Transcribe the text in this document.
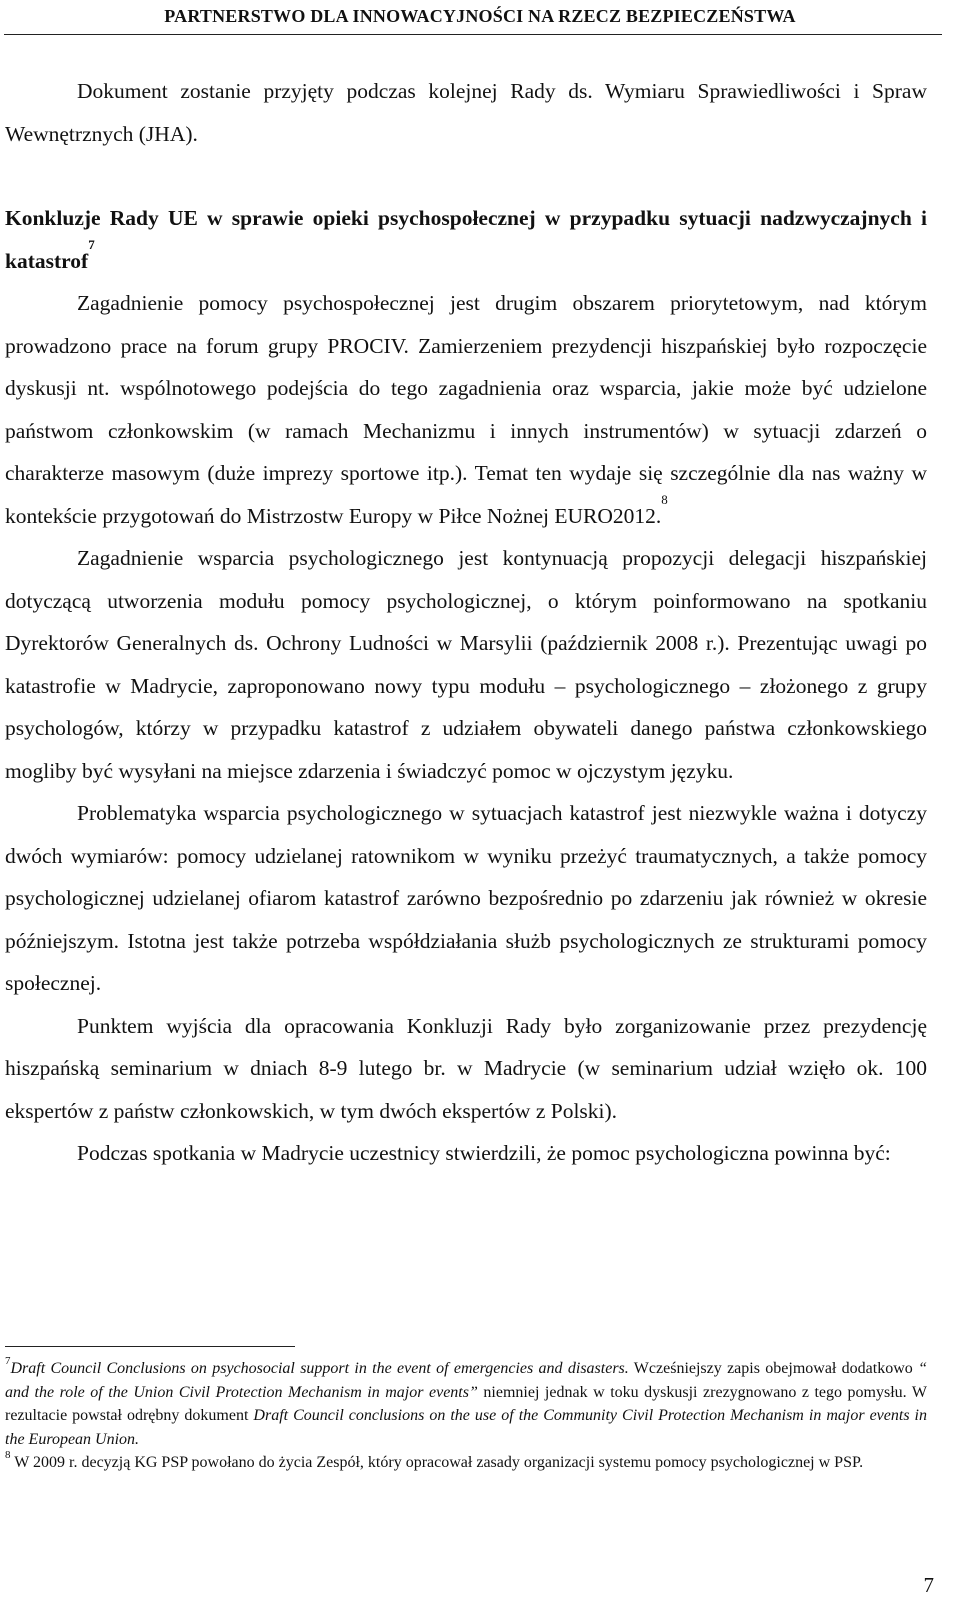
PARTNERSTWO DLA INNOWACYJNOŚCI NA RZECZ BEZPIECZEŃSTWA

Dokument zostanie przyjęty podczas kolejnej Rady ds. Wymiaru Sprawiedliwości i Spraw Wewnętrznych (JHA).

Konkluzje Rady UE w sprawie opieki psychospołecznej w przypadku sytuacji nadzwyczajnych i katastrof$^7$

Zagadnienie pomocy psychospołecznej jest drugim obszarem priorytetowym, nad którym prowadzono prace na forum grupy PROCIV. Zamierzeniem prezydencji hiszpańskiej było rozpoczęcie dyskusji nt. wspólnotowego podejścia do tego zagadnienia oraz wsparcia, jakie może być udzielone państwom członkowskim (w ramach Mechanizmu i innych instrumentów) w sytuacji zdarzeń o charakterze masowym (duże imprezy sportowe itp.). Temat ten wydaje się szczególnie dla nas ważny w kontekście przygotowań do Mistrzostw Europy w Piłce Nożnej EURO2012.$^8$

Zagadnienie wsparcia psychologicznego jest kontynuacją propozycji delegacji hiszpańskiej dotyczącą utworzenia modułu pomocy psychologicznej, o którym poinformowano na spotkaniu Dyrektorów Generalnych ds. Ochrony Ludności w Marsylii (październik 2008 r.). Prezentując uwagi po katastrofie w Madrycie, zaproponowano nowy typu modułu – psychologicznego – złożonego z grupy psychologów, którzy w przypadku katastrof z udziałem obywateli danego państwa członkowskiego mogliby być wysyłani na miejsce zdarzenia i świadczyć pomoc w ojczystym języku.

Problematyka wsparcia psychologicznego w sytuacjach katastrof jest niezwykle ważna i dotyczy dwóch wymiarów: pomocy udzielanej ratownikom w wyniku przeżyć traumatycznych, a także pomocy psychologicznej udzielanej ofiarom katastrof zarówno bezpośrednio po zdarzeniu jak również w okresie późniejszym. Istotna jest także potrzeba współdziałania służb psychologicznych ze strukturami pomocy społecznej.

Punktem wyjścia dla opracowania Konkluzji Rady było zorganizowanie przez prezydencję hiszpańską seminarium w dniach 8-9 lutego br. w Madrycie (w seminarium udział wzięło ok. 100 ekspertów z państw członkowskich, w tym dwóch ekspertów z Polski).

Podczas spotkania w Madrycie uczestnicy stwierdzili, że pomoc psychologiczna powinna być:

$^7$Draft Council Conclusions on psychosocial support in the event of emergencies and disasters. Wcześniejszy zapis obejmował dodatkowo “ and the role of the Union Civil Protection Mechanism in major events” niemniej jednak w toku dyskusji zrezygnowano z tego pomysłu. W rezultacie powstał odrębny dokument Draft Council conclusions on the use of the Community Civil Protection Mechanism in major events in the European Union.

$^8$ W 2009 r. decyzją KG PSP powołano do życia Zespół, który opracował zasady organizacji systemu pomocy psychologicznej w PSP.

7
